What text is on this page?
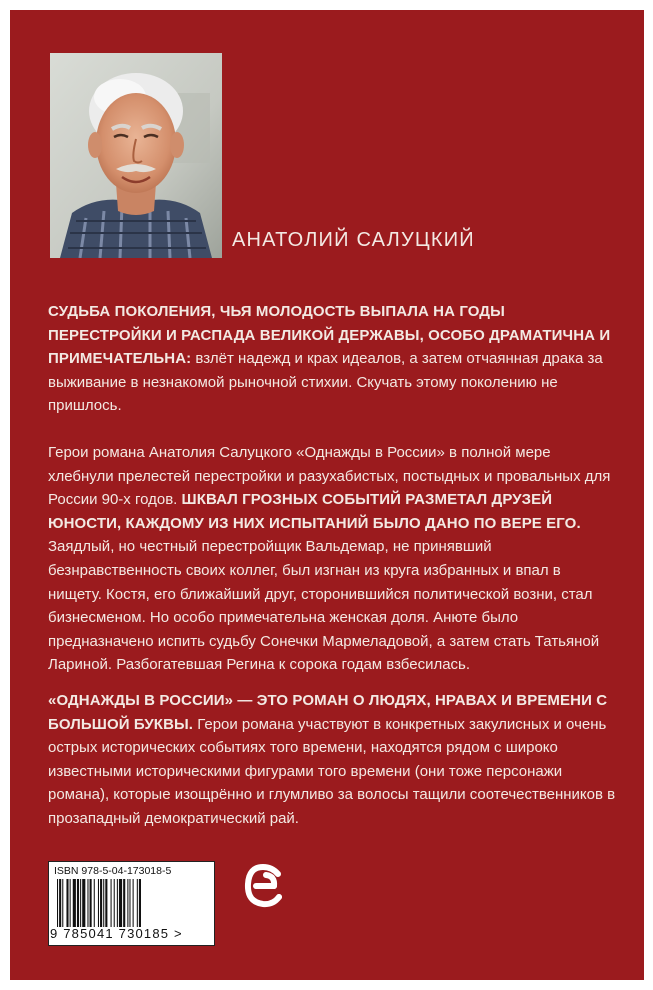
АНАТОЛИЙ САЛУЦКИЙ
СУДЬБА ПОКОЛЕНИЯ, ЧЬЯ МОЛОДОСТЬ ВЫПАЛА НА ГОДЫ ПЕРЕСТРОЙКИ И РАСПАДА ВЕЛИКОЙ ДЕРЖАВЫ, ОСОБО ДРАМАТИЧНА И ПРИМЕЧАТЕЛЬНА: взлёт надежд и крах идеалов, а затем отчаянная драка за выживание в незнакомой рыночной стихии. Скучать этому поколению не пришлось.
Герои романа Анатолия Салуцкого «Однажды в России» в полной мере хлебнули прелестей перестройки и разухабистых, постыдных и провальных для России 90-х годов. ШКВАЛ ГРОЗНЫХ СОБЫТИЙ РАЗМЕТАЛ ДРУЗЕЙ ЮНОСТИ, КАЖДОМУ ИЗ НИХ ИСПЫТАНИЙ БЫЛО ДАНО ПО ВЕРЕ ЕГО. Заядлый, но честный перестройщик Вальдемар, не принявший безнравственность своих коллег, был изгнан из круга избранных и впал в нищету. Костя, его ближайший друг, сторонившийся политической возни, стал бизнесменом. Но особо примечательна женская доля. Анюте было предназначено испить судьбу Сонечки Мармеладовой, а затем стать Татьяной Лариной. Разбогатевшая Регина к сорока годам взбесилась.
«ОДНАЖДЫ В РОССИИ» — ЭТО РОМАН О ЛЮДЯХ, НРАВАХ И ВРЕМЕНИ С БОЛЬШОЙ БУКВЫ. Герои романа участвуют в конкретных закулисных и очень острых исторических событиях того времени, находятся рядом с широко известными историческими фигурами того времени (они тоже персонажи романа), которые изощрённо и глумливо за волосы тащили соотечественников в прозападный демократический рай.
ISBN 978-5-04-173018-5
9 785041 730185 >
